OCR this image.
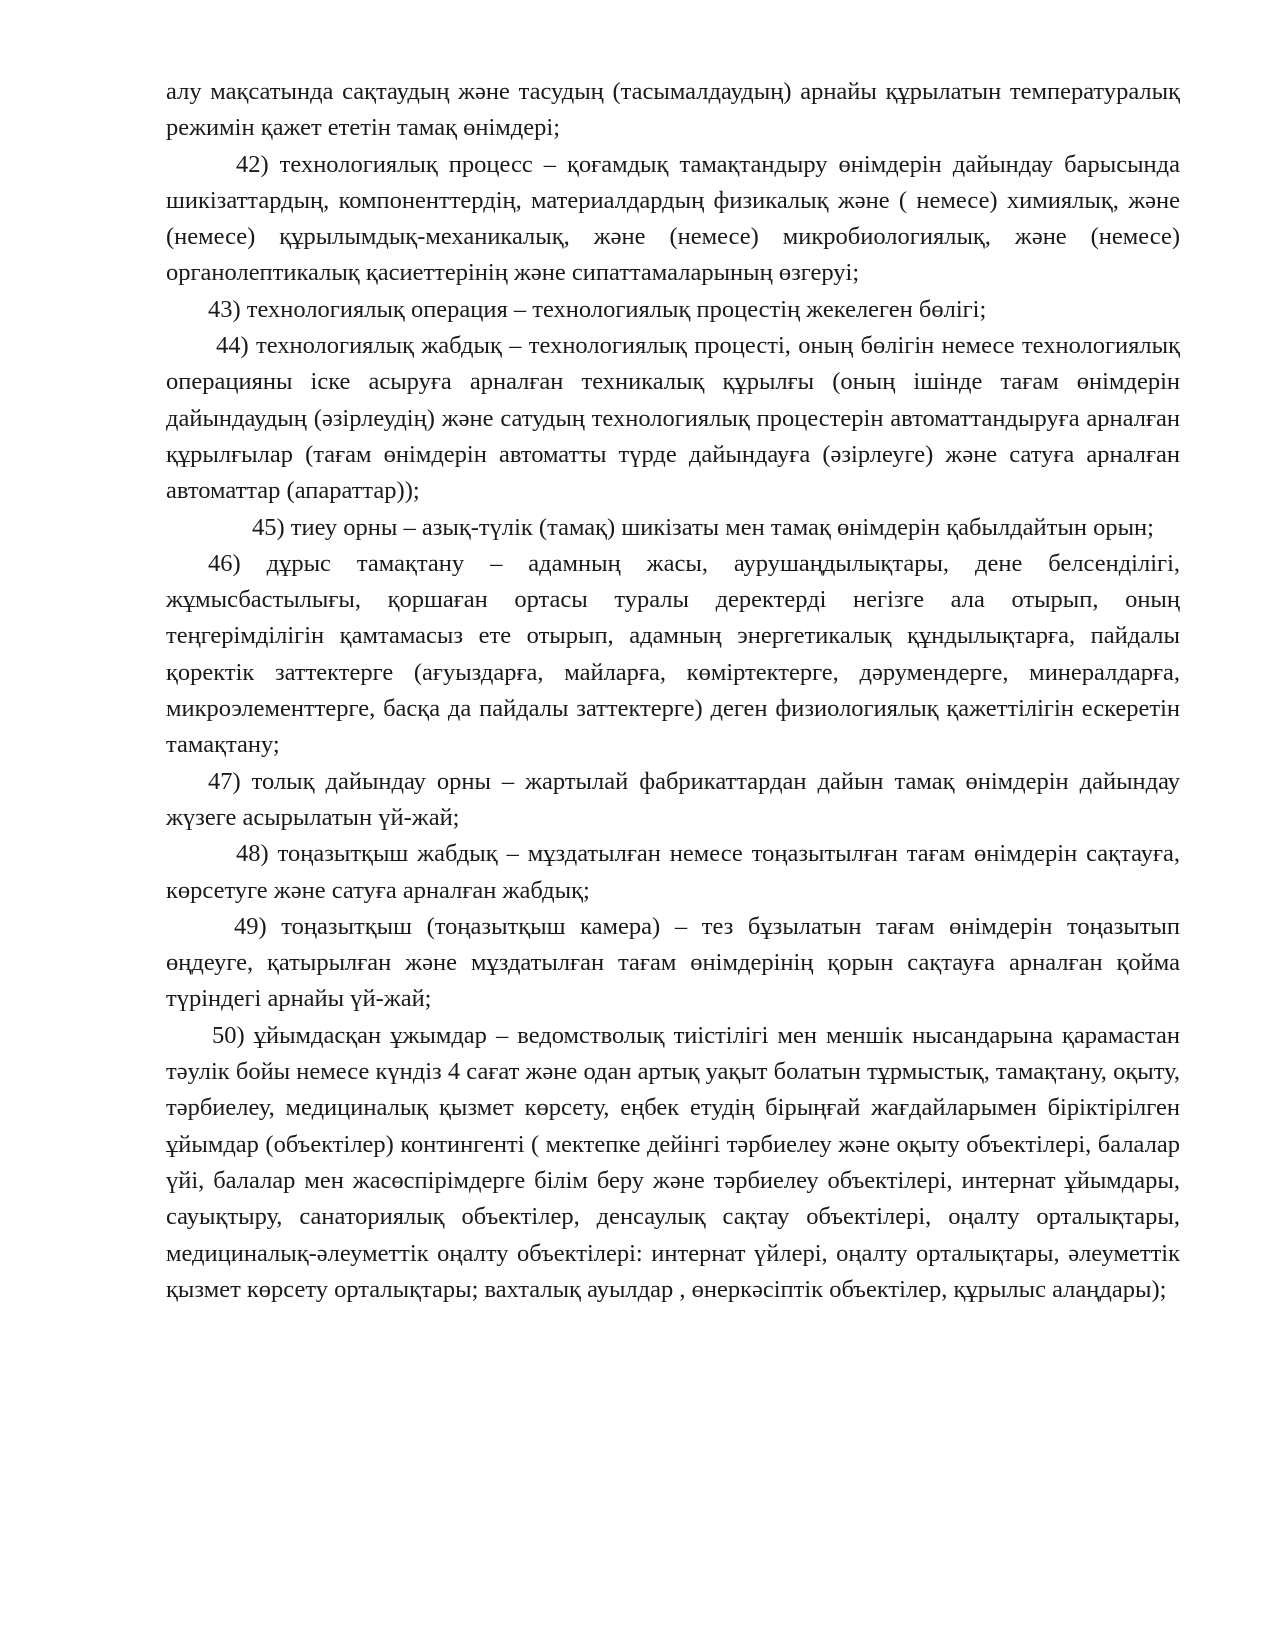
алу мақсатында сақтаудың және тасудың (тасымалдаудың) арнайы құрылатын температуралық режимін қажет ететін тамақ өнімдері;

42) технологиялық процесс – қоғамдық тамақтандыру өнімдерін дайындау барысында шикізаттардың, компоненттердің, материалдардың физикалық және ( немесе) химиялық, және (немесе) құрылымдық-механикалық, және (немесе) микробиологиялық, және (немесе) органолептикалық қасиеттерінің және сипаттамаларының өзгеруі;

43) технологиялық операция – технологиялық процестің жекелеген бөлігі;

44) технологиялық жабдық – технологиялық процесті, оның бөлігін немесе технологиялық операцияны іске асыруға арналған техникалық құрылғы (оның ішінде тағам өнімдерін дайындаудың (әзірлеудің) және сатудың технологиялық процестерін автоматтандыруға арналған құрылғылар (тағам өнімдерін автоматты түрде дайындауға (әзірлеуге) және сатуға арналған автоматтар (апараттар));

45) тиеу орны – азық-түлік (тамақ) шикізаты мен тамақ өнімдерін қабылдайтын орын;

46) дұрыс тамақтану – адамның жасы, аурушаңдылықтары, дене белсенділігі, жұмысбастылығы, қоршаған ортасы туралы деректерді негізге ала отырып, оның теңгерімділігін қамтамасыз ете отырып, адамның энергетикалық құндылықтарға, пайдалы қоректік заттектерге (ағуыздарға, майларға, көміртектерге, дәрумендерге, минералдарға, микроэлементтерге, басқа да пайдалы заттектерге) деген физиологиялық қажеттілігін ескеретін тамақтану;

47) толық дайындау орны – жартылай фабрикаттардан дайын тамақ өнімдерін дайындау жүзеге асырылатын үй-жай;

48) тоңазытқыш жабдық – мұздатылған немесе тоңазытылған тағам өнімдерін сақтауға, көрсетуге және сатуға арналған жабдық;

49) тоңазытқыш (тоңазытқыш камера) – тез бұзылатын тағам өнімдерін тоңазытып өңдеуге, қатырылған және мұздатылған тағам өнімдерінің қорын сақтауға арналған қойма түріндегі арнайы үй-жай;

50) ұйымдасқан ұжымдар – ведомстволық тиістілігі мен меншік нысандарына қарамастан тәулік бойы немесе күндіз 4 сағат және одан артық уақыт болатын тұрмыстық, тамақтану, оқыту, тәрбиелеу, медициналық қызмет көрсету, еңбек етудің бірыңғай жағдайларымен біріктірілген ұйымдар (объектілер) контингенті ( мектепке дейінгі тәрбиелеу және оқыту объектілері, балалар үйі, балалар мен жасөспірімдерге білім беру және тәрбиелеу объектілері, интернат ұйымдары, сауықтыру, санаториялық объектілер, денсаулық сақтау объектілері, оңалту орталықтары, медициналық-әлеуметтік оңалту объектілері: интернат үйлері, оңалту орталықтары, әлеуметтік қызмет көрсету орталықтары; вахталық ауылдар , өнеркәсіптік объектілер, құрылыс алаңдары);
